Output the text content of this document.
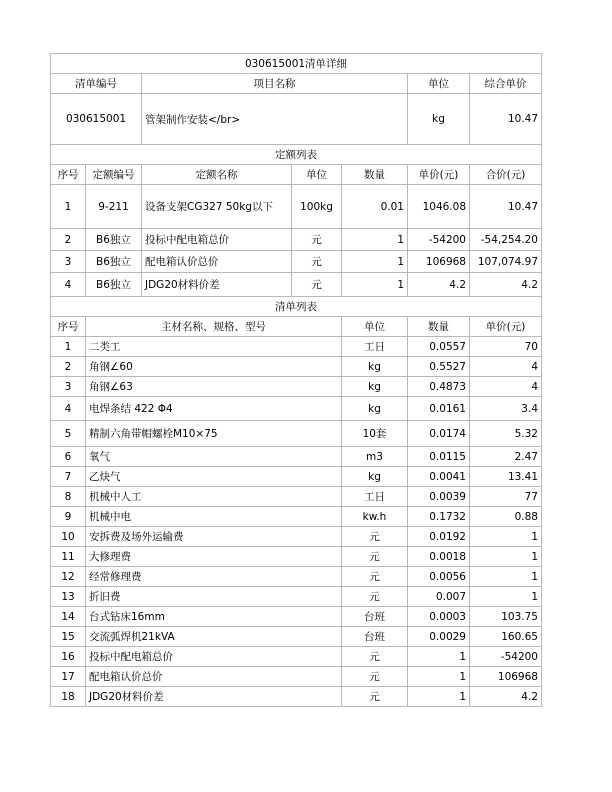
030615001清单详细			
清单编号	项目名称	单位	综合单价
030615001	管架制作安装</br>	kg	10.47
定额列表			
序号	定额编号	定额名称	单位	数量	单价(元)	合价(元)	
1	9-211	设备支架CG327 50kg以下	100kg	0.01	1046.08	10.47	
2	B6独立	投标中配电箱总价	元	1	-54200	-54,254.20	
3	B6独立	配电箱认价总价	元	1	106968	107,074.97	
4	B6独立	JDG20材料价差	元	1	4.2	4.2	
清单列表							
序号	主材名称、规格、型号			单位	数量	单价(元)	
1	二类工			工日	0.0557	70	
2	角钢∠60			kg	0.5527	4	
3	角钢∠63			kg	0.4873	4	
4	电焊条结 422 Φ4			kg	0.0161	3.4	
5	精制六角带帽螺栓M10×75			10套	0.0174	5.32	
6	氧气			m3	0.0115	2.47	
7	乙炔气			kg	0.0041	13.41	
8	机械中人工			工日	0.0039	77	
9	机械中电			kw.h	0.1732	0.88	
10	安拆费及场外运输费			元	0.0192	1	
11	大修理费			元	0.0018	1	
12	经常修理费			元	0.0056	1	
13	折旧费			元	0.007	1	
14	台式钻床16mm			台班	0.0003	103.75	
15	交流弧焊机21kVA			台班	0.0029	160.65	
16	投标中配电箱总价			元	1	-54200	
17	配电箱认价总价			元	1	106968	
18	JDG20材料价差			元	1	4.2	
